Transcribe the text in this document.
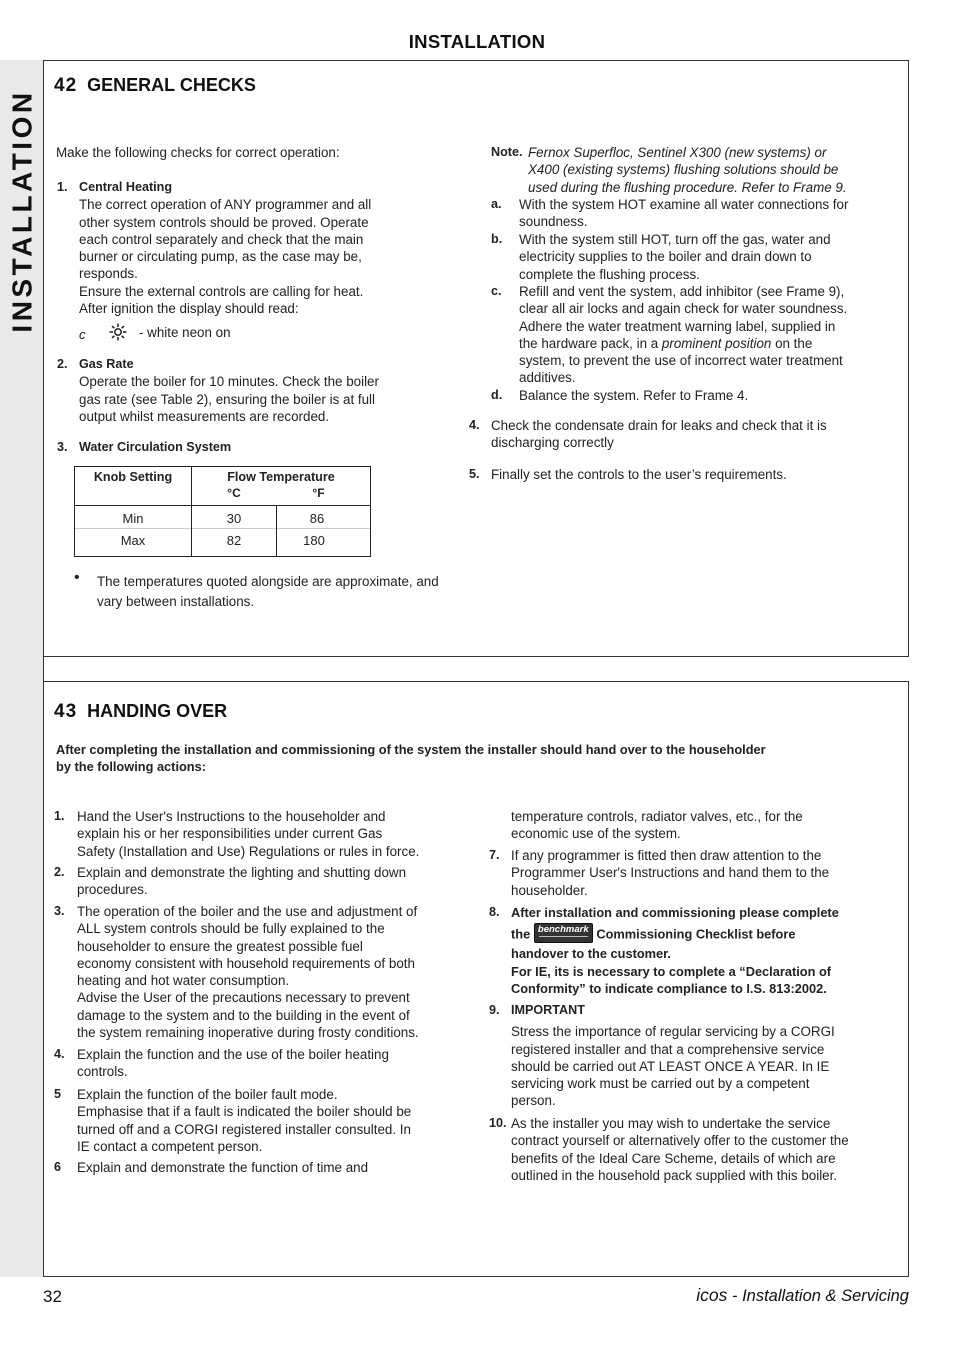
INSTALLATION
INSTALLATION
42 GENERAL CHECKS
Make the following checks for correct operation:
1. Central Heating
The correct operation of ANY programmer and all
other system controls should be proved. Operate
each control separately and check that the main
burner or circulating pump, as the case may be,
responds.
Ensure the external controls are calling for heat.
After ignition the display should read:
c	- white neon on
2. Gas Rate
Operate the boiler for 10 minutes. Check the boiler
gas rate (see Table 2), ensuring the boiler is at full
output whilst measurements are recorded.
3. Water Circulation System
Knob Setting	Flow Temperature
°C	°F
Min	30	86
Max	82	180
• The temperatures quoted alongside are approximate, and
vary between installations.
Note. Fernox Superfloc, Sentinel X300 (new systems) or
X400 (existing systems) flushing solutions should be
used during the flushing procedure. Refer to Frame 9.
a. With the system HOT examine all water connections for
soundness.
b. With the system still HOT, turn off the gas, water and
electricity supplies to the boiler and drain down to
complete the flushing process.
c. Refill and vent the system, add inhibitor (see Frame 9),
clear all air locks and again check for water soundness.
Adhere the water treatment warning label, supplied in
the hardware pack, in a prominent position on the
system, to prevent the use of incorrect water treatment
additives.
d. Balance the system. Refer to Frame 4.
4. Check the condensate drain for leaks and check that it is
discharging correctly
5. Finally set the controls to the user’s requirements.
43 HANDING OVER
After completing the installation and commissioning of the system the installer should hand over to the householder
by the following actions:
1. Hand the User's Instructions to the householder and
explain his or her responsibilities under current Gas
Safety (Installation and Use) Regulations or rules in force.
2. Explain and demonstrate the lighting and shutting down
procedures.
3. The operation of the boiler and the use and adjustment of
ALL system controls should be fully explained to the
householder to ensure the greatest possible fuel
economy consistent with household requirements of both
heating and hot water consumption.
Advise the User of the precautions necessary to prevent
damage to the system and to the building in the event of
the system remaining inoperative during frosty conditions.
4. Explain the function and the use of the boiler heating
controls.
5 Explain the function of the boiler fault mode.
Emphasise that if a fault is indicated the boiler should be
turned off and a CORGI registered installer consulted. In
IE contact a competent person.
6 Explain and demonstrate the function of time and
temperature controls, radiator valves, etc., for the
economic use of the system.
7. If any programmer is fitted then draw attention to the
Programmer User's Instructions and hand them to the
householder.
8. After installation and commissioning please complete
the benchmark Commissioning Checklist before
handover to the customer.
For IE, its is necessary to complete a “Declaration of
Conformity” to indicate compliance to I.S. 813:2002.
9. IMPORTANT
Stress the importance of regular servicing by a CORGI
registered installer and that a comprehensive service
should be carried out AT LEAST ONCE A YEAR. In IE
servicing work must be carried out by a competent
person.
10. As the installer you may wish to undertake the service
contract yourself or alternatively offer to the customer the
benefits of the Ideal Care Scheme, details of which are
outlined in the household pack supplied with this boiler.
32	icos - Installation & Servicing
